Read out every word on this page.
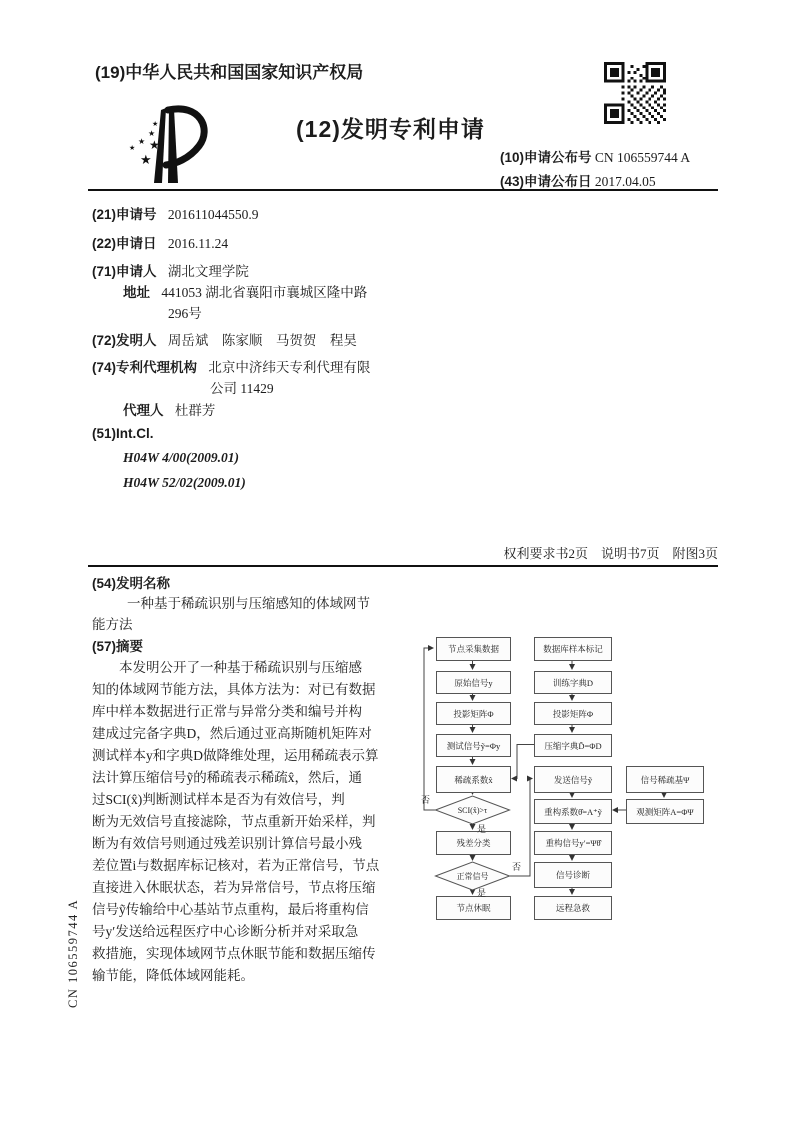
(19)中华人民共和国国家知识产权局
★
★
★
★ ★
★
(12)发明专利申请
(10)申请公布号 CN 106559744 A
(43)申请公布日 2017.04.05
(21)申请号 201611044550.9
(22)申请日 2016.11.24
(71)申请人 湖北文理学院
地址 441053 湖北省襄阳市襄城区隆中路
296号
(72)发明人 周岳斌　陈家顺　马贺贺　程昊
(74)专利代理机构 北京中济纬天专利代理有限
公司 11429
代理人 杜群芳
(51)Int.Cl.
H04W 4/00(2009.01)
H04W 52/02(2009.01)
权利要求书2页　说明书7页　附图3页
(54)发明名称
一种基于稀疏识别与压缩感知的体域网节
能方法
(57)摘要
本发明公开了一种基于稀疏识别与压缩感
知的体域网节能方法，具体方法为：对已有数据
库中样本数据进行正常与异常分类和编号并构
建成过完备字典D，然后通过亚高斯随机矩阵对
测试样本y和字典D做降维处理，运用稀疏表示算
法计算压缩信号ỹ的稀疏表示稀疏x̂，然后，通
过SCI(x̂)判断测试样本是否为有效信号，判
断为无效信号直接滤除，节点重新开始采样，判
断为有效信号则通过残差识别计算信号最小残
差位置i与数据库标记核对，若为正常信号，节点
直接进入休眠状态，若为异常信号，节点将压缩
信号ỹ传输给中心基站节点重构，最后将重构信
号y′发送给远程医疗中心诊断分析并对采取急
救措施，实现体域网节点休眠节能和数据压缩传
输节能，降低体域网能耗。
CN 106559744 A
节点采集数据
原始信号y
投影矩阵Φ
测试信号ỹ=Φy
稀疏系数x̂
SCI(x̂)>τ
残差分类
正常信号
节点休眠
数据库样本标记
训练字典D
投影矩阵Φ
压缩字典D̃=ΦD
发送信号ỹ
重构系数θ̂=A⁺ỹ
重构信号y′=Ψθ̂
信号诊断
远程急救
信号稀疏基Ψ
观测矩阵A=ΦΨ
否
是
否
是
